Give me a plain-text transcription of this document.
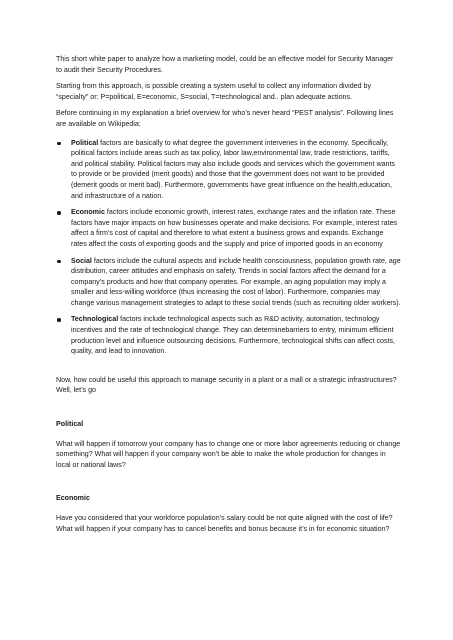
This short white paper to analyze how a marketing model, could be an effective model for Security Manager to audit their Security Procedures.

Starting from this approach, is possible creating a system useful to collect any information divided by “specialty” or: P=political, E=economic, S=social, T=technological and.. plan adequate actions.

Before continuing in my explanation a brief overview for who’s never heard “PEST analysis”. Following lines are available on Wikipedia:

Political factors are basically to what degree the government intervenes in the economy. Specifically, political factors include areas such as tax policy, labor law,environmental law, trade restrictions, tariffs, and political stability. Political factors may also include goods and services which the government wants to provide or be provided (merit goods) and those that the government does not want to be provided (demerit goods or merit bad). Furthermore, governments have great influence on the health,education, and infrastructure of a nation.
Economic factors include economic growth, interest rates, exchange rates and the inflation rate. These factors have major impacts on how businesses operate and make decisions. For example, interest rates affect a firm’s cost of capital and therefore to what extent a business grows and expands. Exchange rates affect the costs of exporting goods and the supply and price of imported goods in an economy
Social factors include the cultural aspects and include health consciousness, population growth rate, age distribution, career attitudes and emphasis on safety. Trends in social factors affect the demand for a company’s products and how that company operates. For example, an aging population may imply a smaller and less-willing workforce (thus increasing the cost of labor). Furthermore, companies may change various management strategies to adapt to these social trends (such as recruiting older workers).
Technological factors include technological aspects such as R&D activity, automation, technology incentives and the rate of technological change. They can determinebarriers to entry, minimum efficient production level and influence outsourcing decisions. Furthermore, technological shifts can affect costs, quality, and lead to innovation.

Now, how could be useful this approach to manage security in a plant or a mall or a strategic infrastructures? Well, let’s go

Political

What will happen if tomorrow your company has to change one or more labor agreements reducing or change something? What will happen if your company won’t be able to make the whole production for changes in local or national laws?

Economic

Have you considered that your workforce population’s salary could be not quite aligned with the cost of life? What will happen if your company has to cancel benefits and bonus because it’s in for economic situation?
